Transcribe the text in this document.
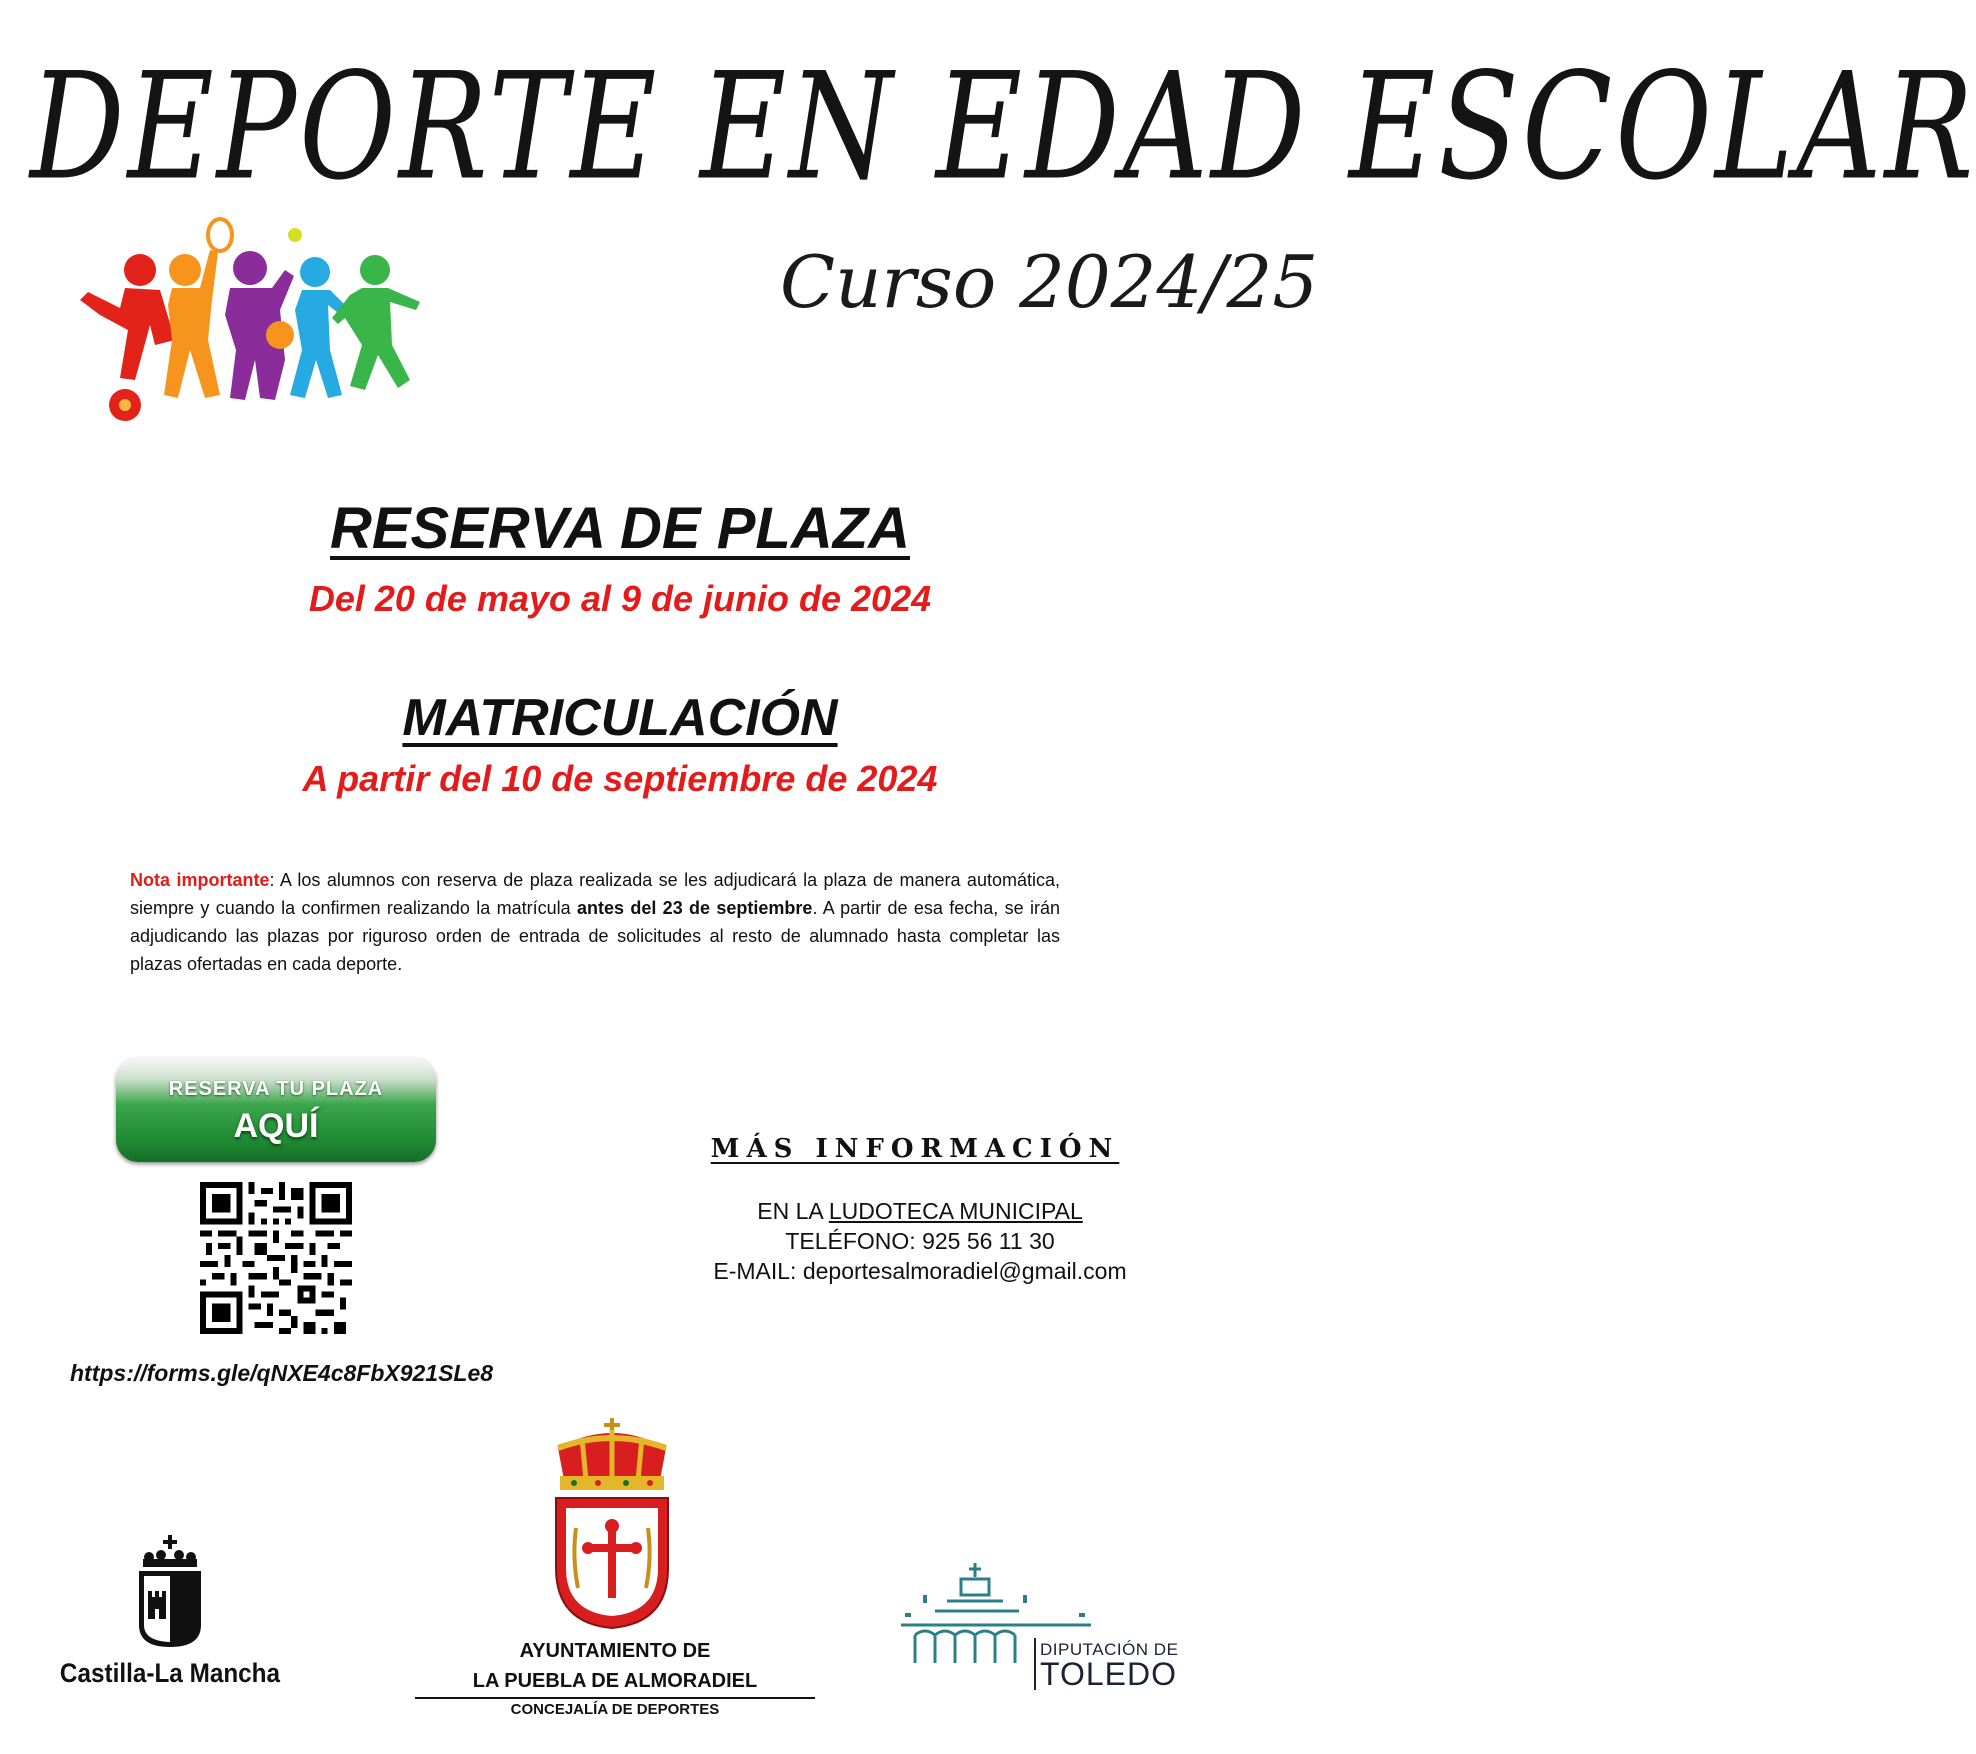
DEPORTE EN EDAD ESCOLAR
Curso 2024/25
RESERVA DE PLAZA
Del 20 de mayo al 9 de junio de 2024
MATRICULACIÓN
A partir del 10 de septiembre de 2024
Nota importante: A los alumnos con reserva de plaza realizada se les adjudicará la plaza de manera automática, siempre y cuando la confirmen realizando la matrícula antes del 23 de septiembre. A partir de esa fecha, se irán adjudicando las plazas por riguroso orden de entrada de solicitudes al resto de alumnado hasta completar las plazas ofertadas en cada deporte.
RESERVA TU PLAZA
AQUÍ
https://forms.gle/qNXE4c8FbX921SLe8
MÁS INFORMACIÓN
EN LA LUDOTECA MUNICIPAL
TELÉFONO: 925 56 11 30
E-MAIL: deportesalmoradiel@gmail.com
Castilla-La Mancha
AYUNTAMIENTO DE
LA PUEBLA DE ALMORADIEL
CONCEJALÍA DE DEPORTES
DIPUTACIÓN DE
TOLEDO
